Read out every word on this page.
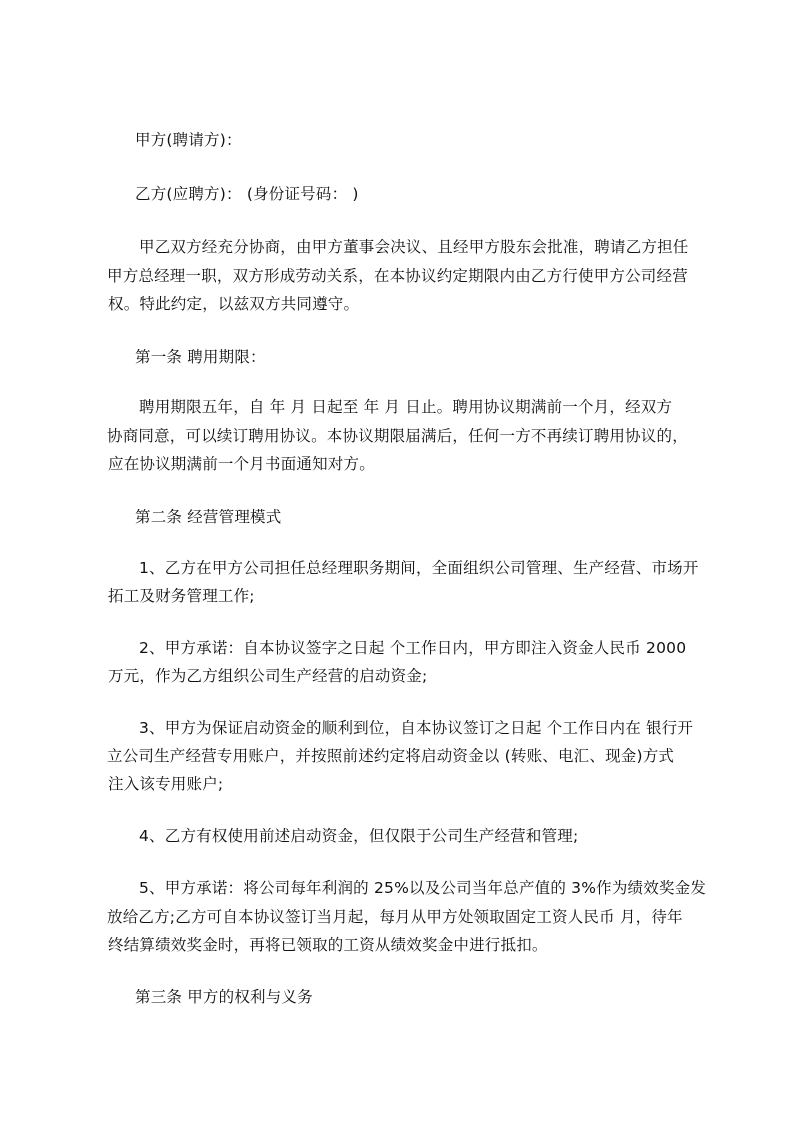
甲方(聘请方)：
乙方(应聘方)： (身份证号码： )
甲乙双方经充分协商，由甲方董事会决议、且经甲方股东会批准，聘请乙方担任
甲方总经理一职，双方形成劳动关系，在本协议约定期限内由乙方行使甲方公司经营
权。特此约定，以兹双方共同遵守。
第一条 聘用期限：
聘用期限五年，自 年 月 日起至 年 月 日止。聘用协议期满前一个月，经双方
协商同意，可以续订聘用协议。本协议期限届满后，任何一方不再续订聘用协议的，
应在协议期满前一个月书面通知对方。
第二条 经营管理模式
1、乙方在甲方公司担任总经理职务期间，全面组织公司管理、生产经营、市场开
拓工及财务管理工作;
2、甲方承诺：自本协议签字之日起 个工作日内，甲方即注入资金人民币 2000
万元，作为乙方组织公司生产经营的启动资金;
3、甲方为保证启动资金的顺利到位，自本协议签订之日起 个工作日内在 银行开
立公司生产经营专用账户，并按照前述约定将启动资金以 (转账、电汇、现金)方式
注入该专用账户;
4、乙方有权使用前述启动资金，但仅限于公司生产经营和管理;
5、甲方承诺：将公司每年利润的 25%以及公司当年总产值的 3%作为绩效奖金发
放给乙方;乙方可自本协议签订当月起，每月从甲方处领取固定工资人民币 月，待年
终结算绩效奖金时，再将已领取的工资从绩效奖金中进行抵扣。
第三条 甲方的权利与义务
